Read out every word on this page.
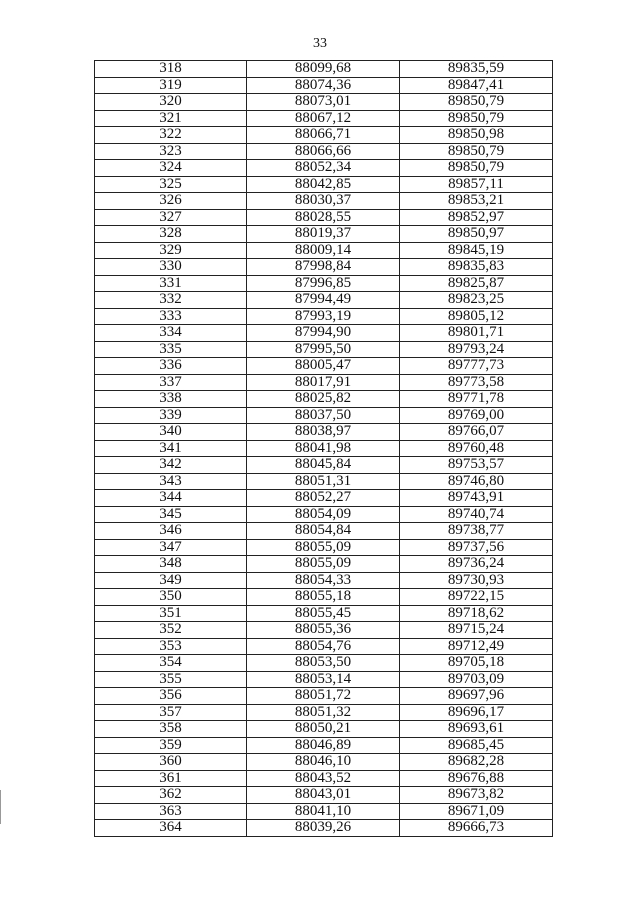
33
318	88099,68	89835,59
319	88074,36	89847,41
320	88073,01	89850,79
321	88067,12	89850,79
322	88066,71	89850,98
323	88066,66	89850,79
324	88052,34	89850,79
325	88042,85	89857,11
326	88030,37	89853,21
327	88028,55	89852,97
328	88019,37	89850,97
329	88009,14	89845,19
330	87998,84	89835,83
331	87996,85	89825,87
332	87994,49	89823,25
333	87993,19	89805,12
334	87994,90	89801,71
335	87995,50	89793,24
336	88005,47	89777,73
337	88017,91	89773,58
338	88025,82	89771,78
339	88037,50	89769,00
340	88038,97	89766,07
341	88041,98	89760,48
342	88045,84	89753,57
343	88051,31	89746,80
344	88052,27	89743,91
345	88054,09	89740,74
346	88054,84	89738,77
347	88055,09	89737,56
348	88055,09	89736,24
349	88054,33	89730,93
350	88055,18	89722,15
351	88055,45	89718,62
352	88055,36	89715,24
353	88054,76	89712,49
354	88053,50	89705,18
355	88053,14	89703,09
356	88051,72	89697,96
357	88051,32	89696,17
358	88050,21	89693,61
359	88046,89	89685,45
360	88046,10	89682,28
361	88043,52	89676,88
362	88043,01	89673,82
363	88041,10	89671,09
364	88039,26	89666,73
